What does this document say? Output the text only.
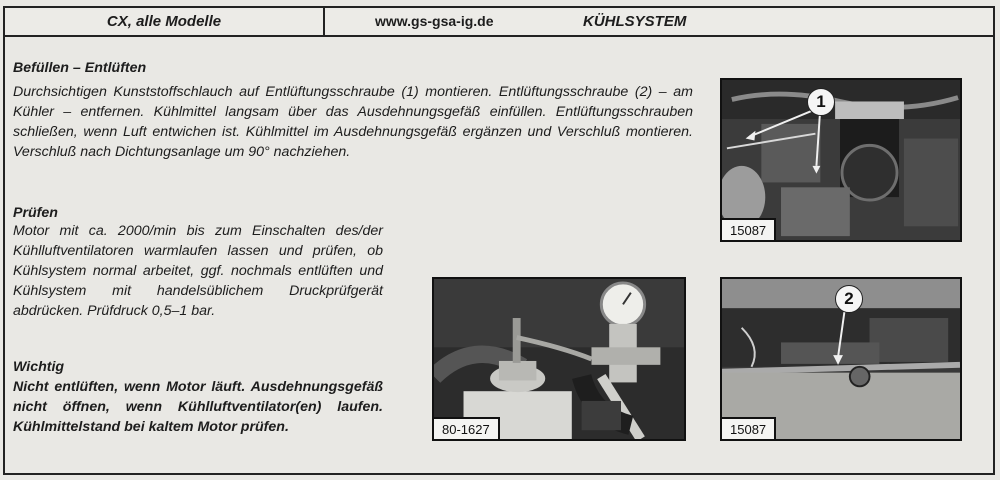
CX, alle Modelle	www.gs-gsa-ig.de	KÜHLSYSTEM
Befüllen – Entlüften
Durchsichtigen Kunststoffschlauch auf Entlüftungsschraube (1) montieren. Entlüftungsschraube (2) – am Kühler – entfernen. Kühlmittel langsam über das Ausdehnungsgefäß einfüllen. Entlüftungsschrauben schließen, wenn Luft entwichen ist. Kühlmittel im Ausdehnungsgefäß ergänzen und Verschluß montieren. Verschluß nach Dichtungsanlage um 90° nachziehen.
Prüfen
Motor mit ca. 2000/min bis zum Einschalten des/der Kühlluftventilatoren warmlaufen lassen und prüfen, ob Kühlsystem normal arbeitet, ggf. nochmals entlüften und Kühlsystem mit handelsüblichem Druckprüfgerät abdrücken. Prüfdruck 0,5–1 bar.
Wichtig
Nicht entlüften, wenn Motor läuft. Ausdehnungsgefäß nicht öffnen, wenn Kühlluftventilator(en) laufen. Kühlmittelstand bei kaltem Motor prüfen.
1
15087
80-1627
2
15087
